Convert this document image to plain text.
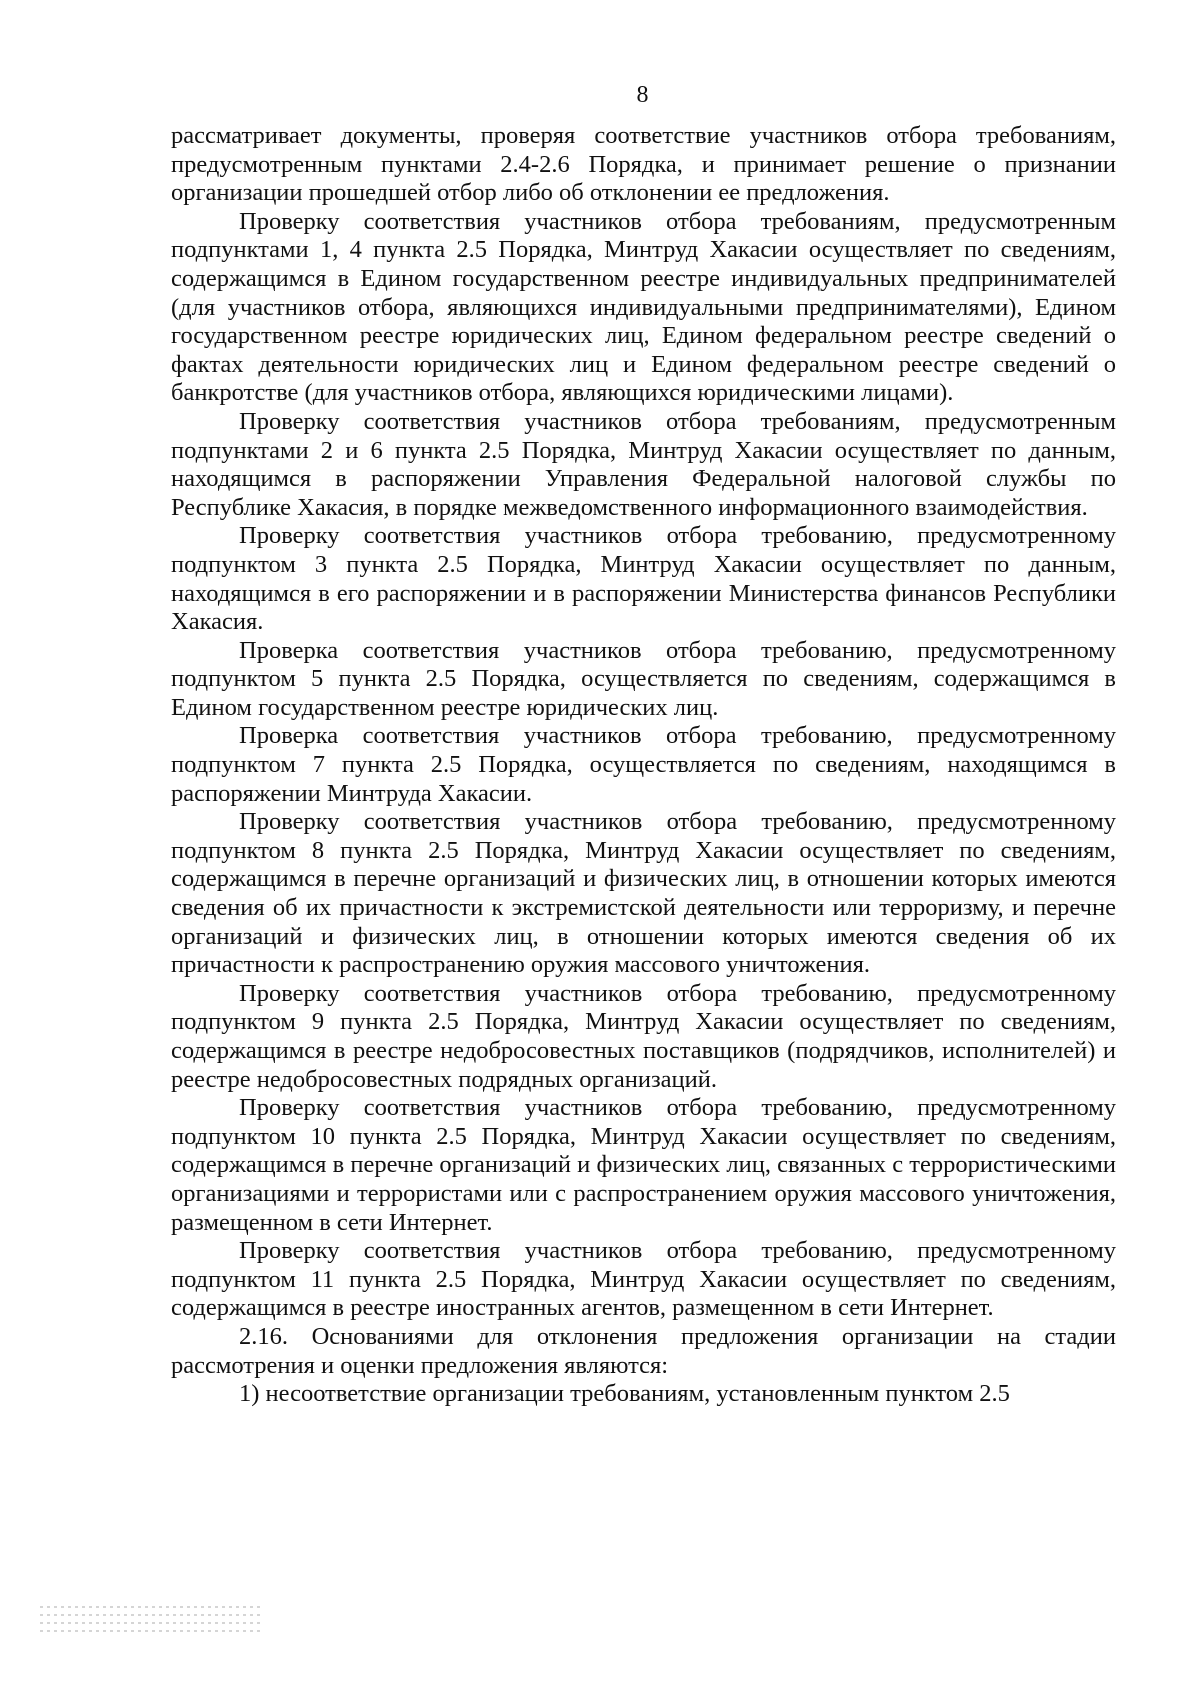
8

рассматривает документы, проверяя соответствие участников отбора требованиям, предусмотренным пунктами 2.4-2.6 Порядка, и принимает решение о признании организации прошедшей отбор либо об отклонении ее предложения.

Проверку соответствия участников отбора требованиям, предусмотренным подпунктами 1, 4 пункта 2.5 Порядка, Минтруд Хакасии осуществляет по сведениям, содержащимся в Едином государственном реестре индивидуальных предпринимателей (для участников отбора, являющихся индивидуальными предпринимателями), Едином государственном реестре юридических лиц, Едином федеральном реестре сведений о фактах деятельности юридических лиц и Едином федеральном реестре сведений о банкротстве (для участников отбора, являющихся юридическими лицами).

Проверку соответствия участников отбора требованиям, предусмотренным подпунктами 2 и 6 пункта 2.5 Порядка, Минтруд Хакасии осуществляет по данным, находящимся в распоряжении Управления Федеральной налоговой службы по Республике Хакасия, в порядке межведомственного информационного взаимодействия.

Проверку соответствия участников отбора требованию, предусмотренному подпунктом 3 пункта 2.5 Порядка, Минтруд Хакасии осуществляет по данным, находящимся в его распоряжении и в распоряжении Министерства финансов Республики Хакасия.

Проверка соответствия участников отбора требованию, предусмотренному подпунктом 5 пункта 2.5 Порядка, осуществляется по сведениям, содержащимся в Едином государственном реестре юридических лиц.

Проверка соответствия участников отбора требованию, предусмотренному подпунктом 7 пункта 2.5 Порядка, осуществляется по сведениям, находящимся в распоряжении Минтруда Хакасии.

Проверку соответствия участников отбора требованию, предусмотренному подпунктом 8 пункта 2.5 Порядка, Минтруд Хакасии осуществляет по сведениям, содержащимся в перечне организаций и физических лиц, в отношении которых имеются сведения об их причастности к экстремистской деятельности или терроризму, и перечне организаций и физических лиц, в отношении которых имеются сведения об их причастности к распространению оружия массового уничтожения.

Проверку соответствия участников отбора требованию, предусмотренному подпунктом 9 пункта 2.5 Порядка, Минтруд Хакасии осуществляет по сведениям, содержащимся в реестре недобросовестных поставщиков (подрядчиков, исполнителей) и реестре недобросовестных подрядных организаций.

Проверку соответствия участников отбора требованию, предусмотренному подпунктом 10 пункта 2.5 Порядка, Минтруд Хакасии осуществляет по сведениям, содержащимся в перечне организаций и физических лиц, связанных с террористическими организациями и террористами или с распространением оружия массового уничтожения, размещенном в сети Интернет.

Проверку соответствия участников отбора требованию, предусмотренному подпунктом 11 пункта 2.5 Порядка, Минтруд Хакасии осуществляет по сведениям, содержащимся в реестре иностранных агентов, размещенном в сети Интернет.

2.16. Основаниями для отклонения предложения организации на стадии рассмотрения и оценки предложения являются:

1) несоответствие организации требованиям, установленным пунктом 2.5
